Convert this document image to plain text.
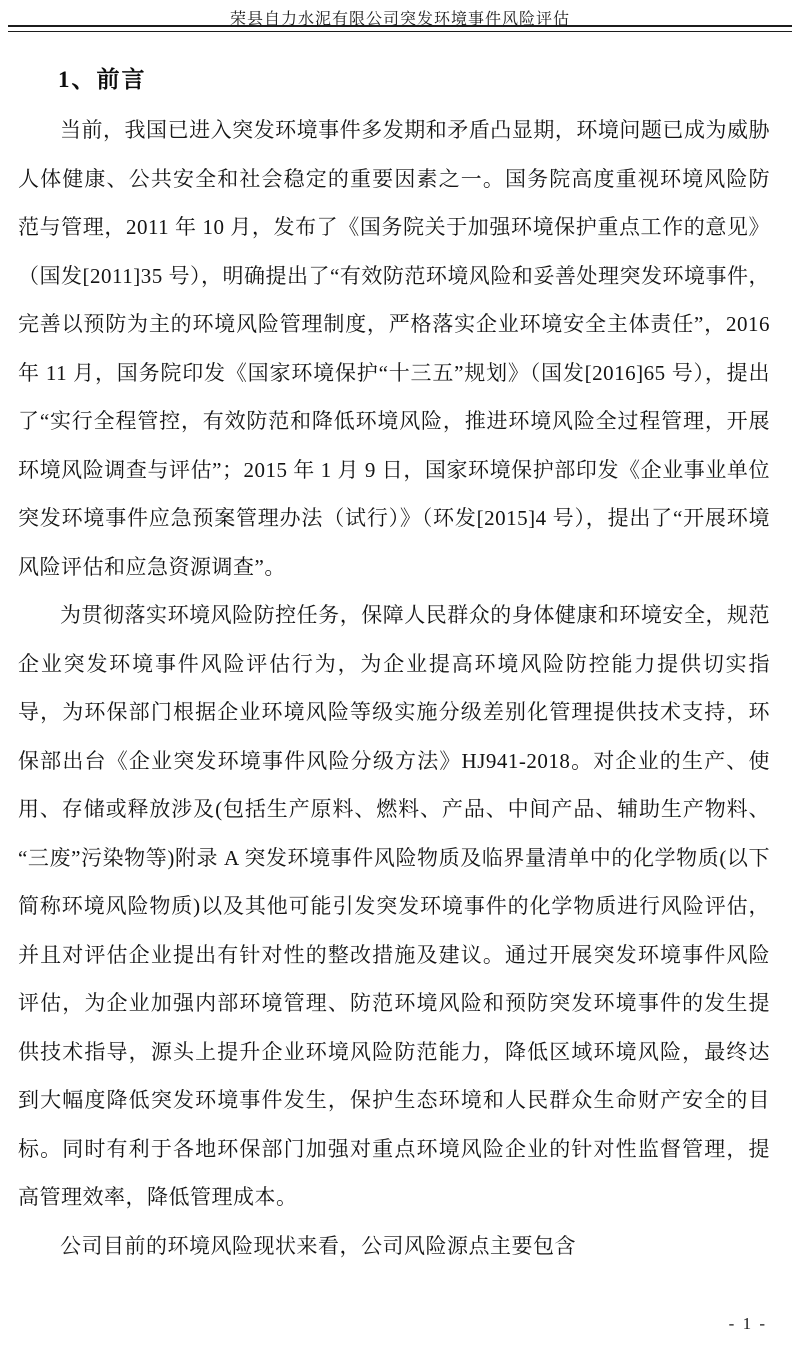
荣县自力水泥有限公司突发环境事件风险评估
1、前言

当前，我国已进入突发环境事件多发期和矛盾凸显期，环境问题已成为威胁人体健康、公共安全和社会稳定的重要因素之一。国务院高度重视环境风险防范与管理，2011 年 10 月，发布了《国务院关于加强环境保护重点工作的意见》（国发[2011]35 号），明确提出了“有效防范环境风险和妥善处理突发环境事件，完善以预防为主的环境风险管理制度，严格落实企业环境安全主体责任”，2016 年 11 月，国务院印发《国家环境保护“十三五”规划》（国发[2016]65 号），提出了“实行全程管控，有效防范和降低环境风险，推进环境风险全过程管理，开展环境风险调查与评估”；2015 年 1 月 9 日，国家环境保护部印发《企业事业单位突发环境事件应急预案管理办法（试行）》（环发[2015]4 号），提出了“开展环境风险评估和应急资源调查”。

为贯彻落实环境风险防控任务，保障人民群众的身体健康和环境安全，规范企业突发环境事件风险评估行为，为企业提高环境风险防控能力提供切实指导，为环保部门根据企业环境风险等级实施分级差别化管理提供技术支持，环保部出台《企业突发环境事件风险分级方法》HJ941-2018。对企业的生产、使用、存储或释放涉及(包括生产原料、燃料、产品、中间产品、辅助生产物料、“三废”污染物等)附录 A 突发环境事件风险物质及临界量清单中的化学物质(以下简称环境风险物质)以及其他可能引发突发环境事件的化学物质进行风险评估，并且对评估企业提出有针对性的整改措施及建议。通过开展突发环境事件风险评估，为企业加强内部环境管理、防范环境风险和预防突发环境事件的发生提供技术指导，源头上提升企业环境风险防范能力，降低区域环境风险，最终达到大幅度降低突发环境事件发生，保护生态环境和人民群众生命财产安全的目标。同时有利于各地环保部门加强对重点环境风险企业的针对性监督管理，提高管理效率，降低管理成本。

公司目前的环境风险现状来看，公司风险源点主要包含

- 1 -
